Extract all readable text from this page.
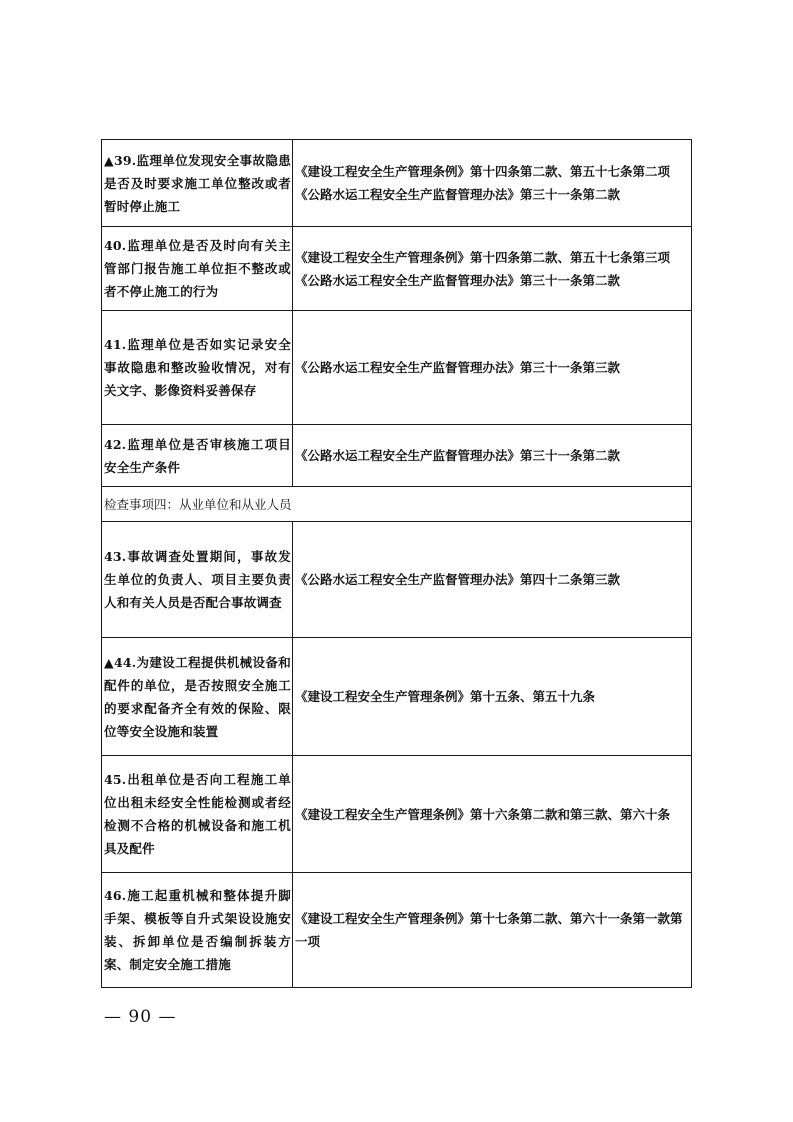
▲39.监理单位发现安全事故隐患是否及时要求施工单位整改或者暂时停止施工	《建设工程安全生产管理条例》第十四条第二款、第五十七条第二项
《公路水运工程安全生产监督管理办法》第三十一条第二款

40.监理单位是否及时向有关主管部门报告施工单位拒不整改或者不停止施工的行为	《建设工程安全生产管理条例》第十四条第二款、第五十七条第三项
《公路水运工程安全生产监督管理办法》第三十一条第二款

41.监理单位是否如实记录安全事故隐患和整改验收情况，对有关文字、影像资料妥善保存	《公路水运工程安全生产监督管理办法》第三十一条第三款

42.监理单位是否审核施工项目安全生产条件	《公路水运工程安全生产监督管理办法》第三十一条第二款

检查事项四：从业单位和从业人员	
43.事故调查处置期间，事故发生单位的负责人、项目主要负责人和有关人员是否配合事故调查	《公路水运工程安全生产监督管理办法》第四十二条第三款

▲44.为建设工程提供机械设备和配件的单位，是否按照安全施工的要求配备齐全有效的保险、限位等安全设施和装置	《建设工程安全生产管理条例》第十五条、第五十九条

45.出租单位是否向工程施工单位出租未经安全性能检测或者经检测不合格的机械设备和施工机具及配件	《建设工程安全生产管理条例》第十六条第二款和第三款、第六十条

46.施工起重机械和整体提升脚手架、模板等自升式架设设施安装、拆卸单位是否编制拆装方案、制定安全施工措施	《建设工程安全生产管理条例》第十七条第二款、第六十一条第一款第一项
— 90 —
